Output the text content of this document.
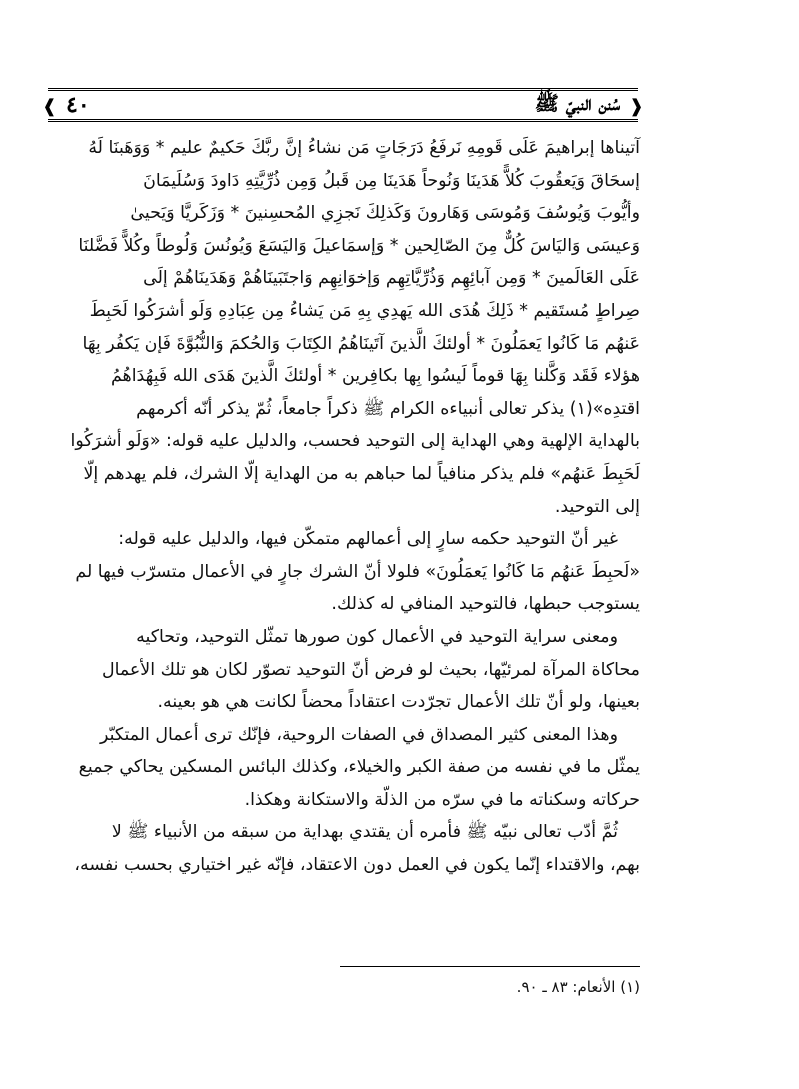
❰ ٤٠	سُنن النبيّ ﷺ ❱

آتيناها إبراهيمَ عَلَى قَومِهِ نَرفَعُ دَرَجَاتٍ مَن نشاءُ إنَّ ربَّكَ حَكيمٌ عليم * وَوَهَبنَا لَهُ

إسحَاقَ وَيَعقُوبَ كُلاًّ هَدَينَا وَنُوحاً هَدَينَا مِن قَبلُ وَمِن ذُرِّيَّتِهِ دَاودَ وَسُلَيمَانَ

وأيُّوبَ وَيُوسُفَ وَمُوسَى وَهَارونَ وَكَذلِكَ نَجزِي المُحسِنينَ * وَزَكَريَّا وَيَحيىٰ

وَعيسَى وَاليَاسَ كُلٌّ مِنَ الصّالِحين * وَإسمَاعيلَ وَاليَسَعَ وَيُونُسَ وَلُوطاً وكُلاًّ فَضَّلنَا

عَلَى العَالَمينَ * وَمِن آبائِهِم وَذُرِّيَّاتِهِم وَإخوَانِهِم وَاجتَبَينَاهُمْ وَهَدَينَاهُمْ إلَى

صِراطٍ مُستَقيم * ذَلِكَ هُدَى الله يَهدِي بِهِ مَن يَشاءُ مِن عِبَادِهِ وَلَو أشرَكُوا لَحَبِطَ

عَنهُم مَا كَانُوا يَعمَلُونَ * أولئكَ الَّذينَ آتَينَاهُمُ الكِتَابَ وَالحُكمَ وَالنُّبُوَّةَ فَإن يَكفُر بِهَا

هؤلاء فَقَد وَكَّلنا بِهَا قوماً لَيسُوا بِها بكافِرين * أولئكَ الَّذينَ هَدَى الله فَبِهُدَاهُمُ

اقتدِه»(١) يذكر تعالى أنبياءه الكرام ﷺ ذكراً جامعاً، ثُمّ يذكر أنّه أكرمهم

بالهداية الإلهية وهي الهداية إلى التوحيد فحسب، والدليل عليه قوله: «وَلَو أشرَكُوا

لَحَبِطَ عَنهُم» فلم يذكر منافياً لما حباهم به من الهداية إلّا الشرك، فلم يهدهم إلّا

إلى التوحيد.

غير أنّ التوحيد حكمه سارٍ إلى أعمالهم متمكّن فيها، والدليل عليه قوله:

«لَحبِطَ عَنهُم مَا كَانُوا يَعمَلُونَ» فلولا أنّ الشرك جارٍ في الأعمال متسرّب فيها لم

يستوجب حبطها، فالتوحيد المنافي له كذلك.

ومعنى سراية التوحيد في الأعمال كون صورها تمثّل التوحيد، وتحاكيه

محاكاة المرآة لمرئيّها، بحيث لو فرض أنّ التوحيد تصوّر لكان هو تلك الأعمال

بعينها، ولو أنّ تلك الأعمال تجرّدت اعتقاداً محضاً لكانت هي هو بعينه.

وهذا المعنى كثير المصداق في الصفات الروحية، فإنّك ترى أعمال المتكبّر

يمثّل ما في نفسه من صفة الكبر والخيلاء، وكذلك البائس المسكين يحاكي جميع

حركاته وسكناته ما في سرّه من الذلّة والاستكانة وهكذا.

ثُمَّ أدّب تعالى نبيّه ﷺ فأمره أن يقتدي بهداية من سبقه من الأنبياء ﷺ لا

بهم، والاقتداء إنّما يكون في العمل دون الاعتقاد، فإنّه غير اختياري بحسب نفسه،

(١) الأنعام: ٨٣ ـ ٩٠.
